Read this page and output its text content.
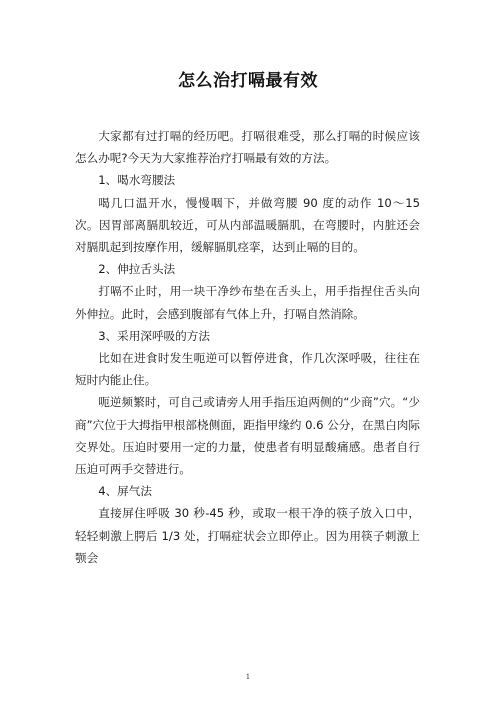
怎么治打嗝最有效

大家都有过打嗝的经历吧。打嗝很难受，那么打嗝的时候应该怎么办呢?今天为大家推荐治疗打嗝最有效的方法。

1、喝水弯腰法

喝几口温开水，慢慢咽下，并做弯腰 90 度的动作 10～15 次。因胃部离膈肌较近，可从内部温暖膈肌，在弯腰时，内脏还会对膈肌起到按摩作用，缓解膈肌痉挛，达到止嗝的目的。

2、伸拉舌头法

打嗝不止时，用一块干净纱布垫在舌头上，用手指捏住舌头向外伸拉。此时，会感到腹部有气体上升，打嗝自然消除。

3、采用深呼吸的方法

比如在进食时发生呃逆可以暂停进食，作几次深呼吸，往往在短时内能止住。

呃逆频繁时，可自己或请旁人用手指压迫两侧的“少商”穴。“少商”穴位于大拇指甲根部桡侧面，距指甲缘约 0.6 公分，在黑白肉际交界处。压迫时要用一定的力量，使患者有明显酸痛感。患者自行压迫可两手交替进行。

4、屏气法

直接屏住呼吸 30 秒-45 秒，或取一根干净的筷子放入口中，轻轻刺激上腭后 1/3 处，打嗝症状会立即停止。因为用筷子刺激上颚会

1
